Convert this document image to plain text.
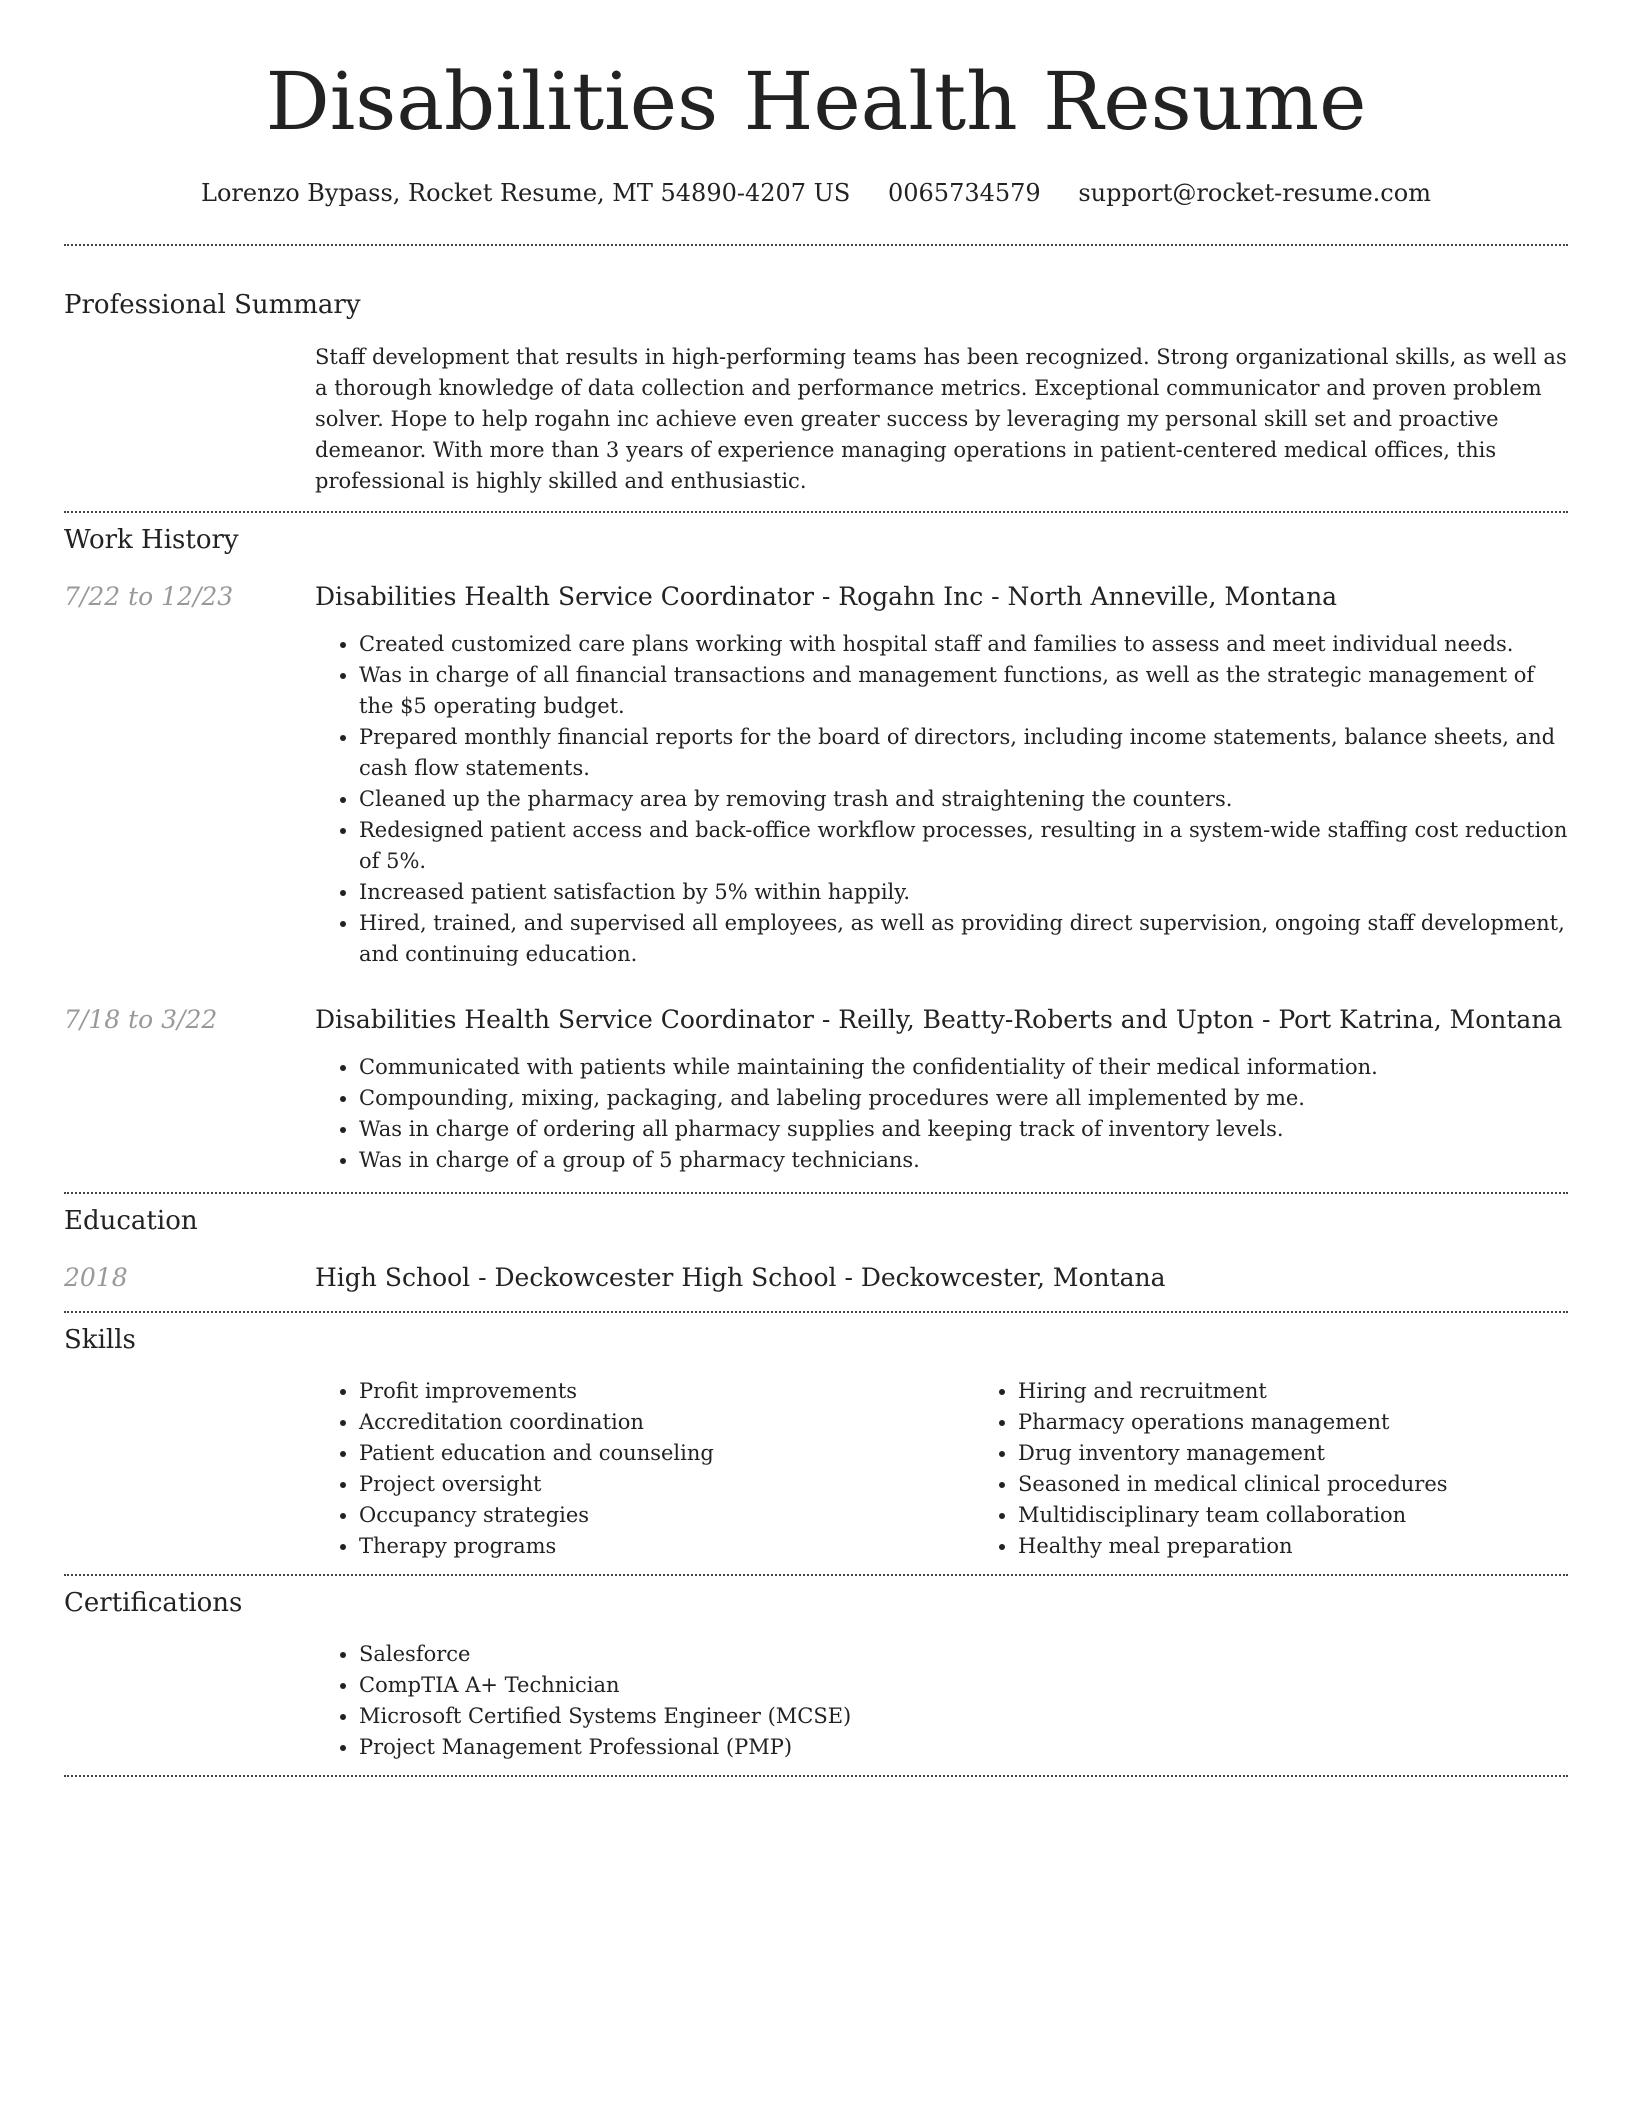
Disabilities Health Resume
Lorenzo Bypass, Rocket Resume, MT 54890-4207 US 0065734579 support@rocket-resume.com
Professional Summary

Staff development that results in high-performing teams has been recognized. Strong organizational skills, as well as a thorough knowledge of data collection and performance metrics. Exceptional communicator and proven problem solver. Hope to help rogahn inc achieve even greater success by leveraging my personal skill set and proactive demeanor. With more than 3 years of experience managing operations in patient-centered medical offices, this professional is highly skilled and enthusiastic.

Work History
7/22 to 12/23	Disabilities Health Service Coordinator - Rogahn Inc - North Anneville, Montana
• Created customized care plans working with hospital staff and families to assess and meet individual needs.
• Was in charge of all financial transactions and management functions, as well as the strategic management of the $5 operating budget.
• Prepared monthly financial reports for the board of directors, including income statements, balance sheets, and cash flow statements.
• Cleaned up the pharmacy area by removing trash and straightening the counters.
• Redesigned patient access and back-office workflow processes, resulting in a system-wide staffing cost reduction of 5%.
• Increased patient satisfaction by 5% within happily.
• Hired, trained, and supervised all employees, as well as providing direct supervision, ongoing staff development, and continuing education.
7/18 to 3/22	Disabilities Health Service Coordinator - Reilly, Beatty-Roberts and Upton - Port Katrina, Montana
• Communicated with patients while maintaining the confidentiality of their medical information.
• Compounding, mixing, packaging, and labeling procedures were all implemented by me.
• Was in charge of ordering all pharmacy supplies and keeping track of inventory levels.
• Was in charge of a group of 5 pharmacy technicians.
Education
2018	High School - Deckowcester High School - Deckowcester, Montana
Skills
• Profit improvements
• Accreditation coordination
• Patient education and counseling
• Project oversight
• Occupancy strategies
• Therapy programs
• Hiring and recruitment
• Pharmacy operations management
• Drug inventory management
• Seasoned in medical clinical procedures
• Multidisciplinary team collaboration
• Healthy meal preparation
Certifications
• Salesforce
• CompTIA A+ Technician
• Microsoft Certified Systems Engineer (MCSE)
• Project Management Professional (PMP)
